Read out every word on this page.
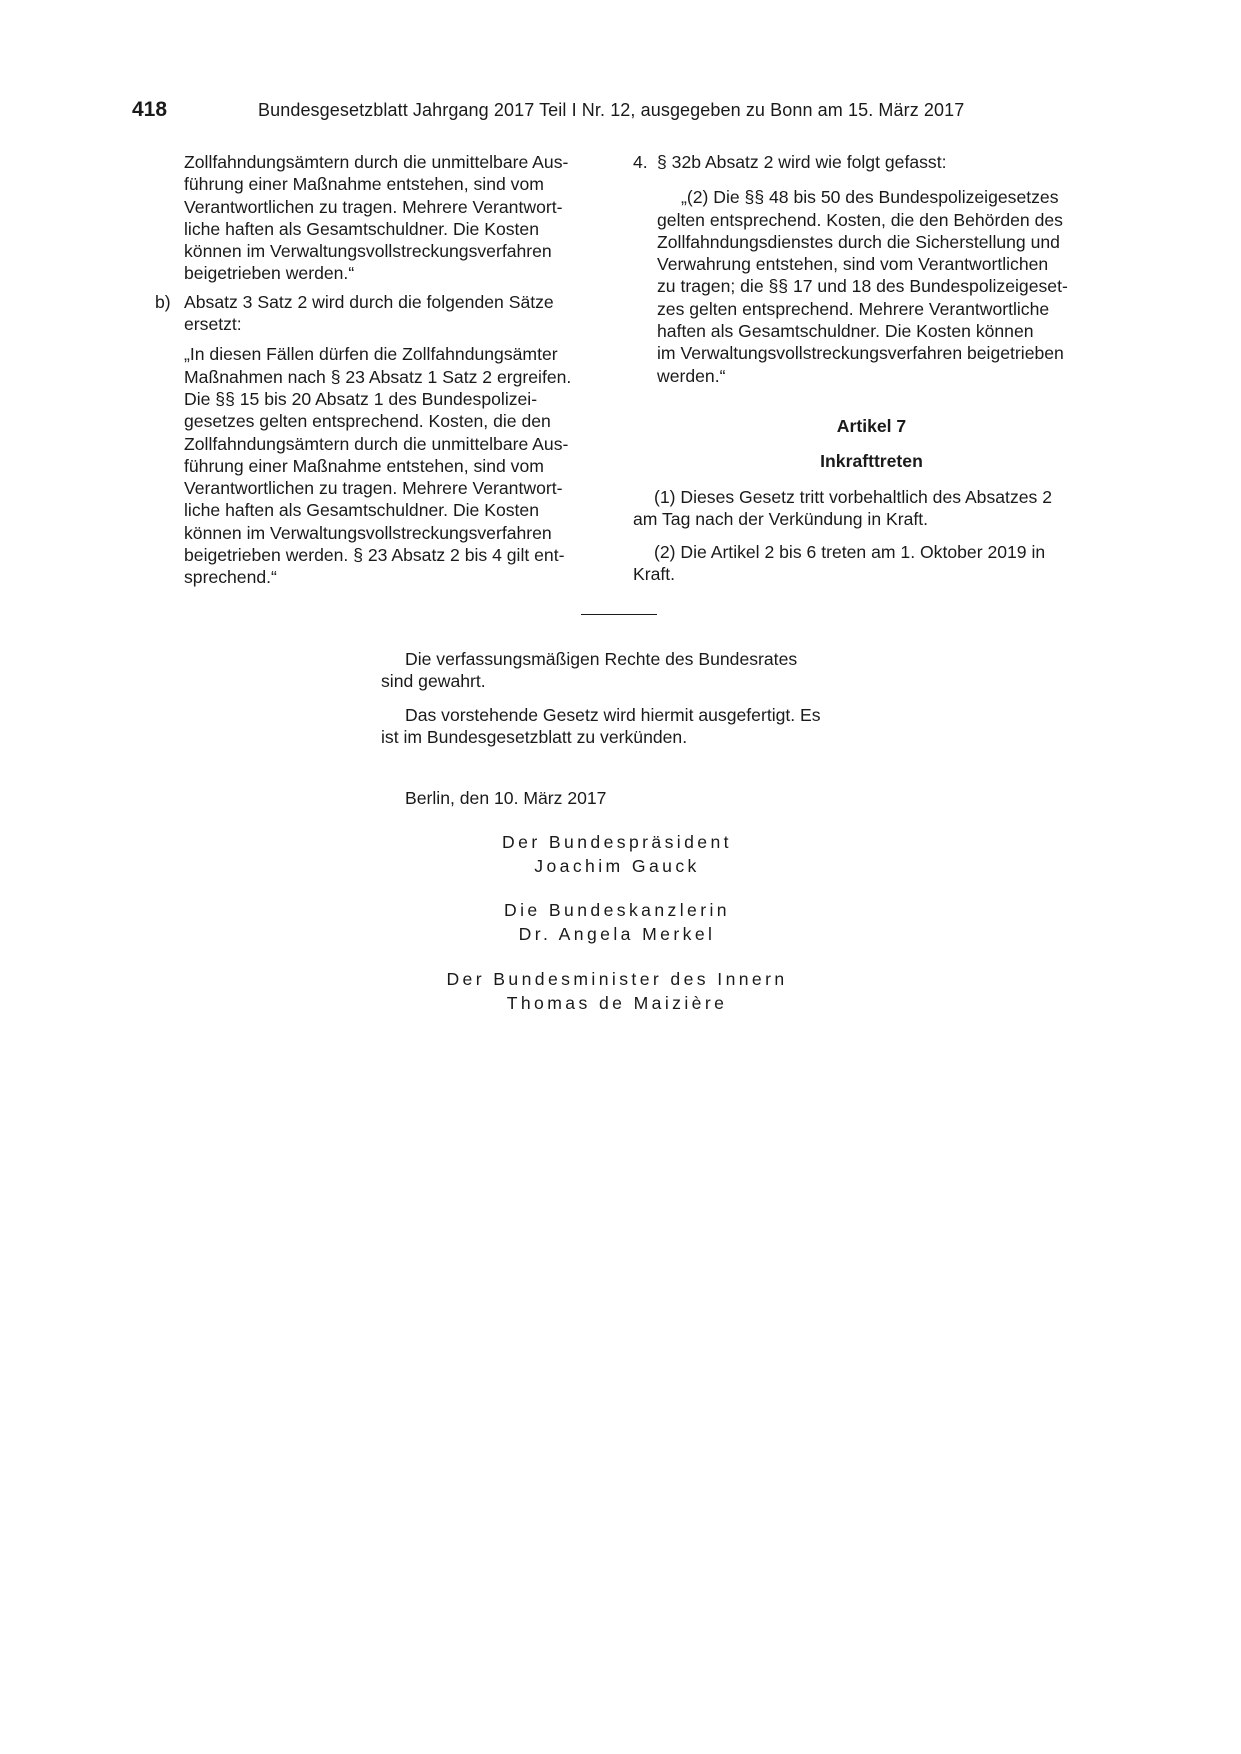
418	Bundesgesetzblatt Jahrgang 2017 Teil I Nr. 12, ausgegeben zu Bonn am 15. März 2017

Zollfahndungsämtern durch die unmittelbare Aus-

führung einer Maßnahme entstehen, sind vom

Verantwortlichen zu tragen. Mehrere Verantwort-

liche haften als Gesamtschuldner. Die Kosten

können im Verwaltungsvollstreckungsverfahren

beigetrieben werden.“

b) Absatz 3 Satz 2 wird durch die folgenden Sätze

ersetzt:

„In diesen Fällen dürfen die Zollfahndungsämter

Maßnahmen nach § 23 Absatz 1 Satz 2 ergreifen.

Die §§ 15 bis 20 Absatz 1 des Bundespolizei-

gesetzes gelten entsprechend. Kosten, die den

Zollfahndungsämtern durch die unmittelbare Aus-

führung einer Maßnahme entstehen, sind vom

Verantwortlichen zu tragen. Mehrere Verantwort-

liche haften als Gesamtschuldner. Die Kosten

können im Verwaltungsvollstreckungsverfahren

beigetrieben werden. § 23 Absatz 2 bis 4 gilt ent-

sprechend.“

4. § 32b Absatz 2 wird wie folgt gefasst:

„(2) Die §§ 48 bis 50 des Bundespolizeigesetzes

gelten entsprechend. Kosten, die den Behörden des

Zollfahndungsdienstes durch die Sicherstellung und

Verwahrung entstehen, sind vom Verantwortlichen

zu tragen; die §§ 17 und 18 des Bundespolizeigeset-

zes gelten entsprechend. Mehrere Verantwortliche

haften als Gesamtschuldner. Die Kosten können

im Verwaltungsvollstreckungsverfahren beigetrieben

werden.“

Artikel 7

Inkrafttreten

(1) Dieses Gesetz tritt vorbehaltlich des Absatzes 2

am Tag nach der Verkündung in Kraft.

(2) Die Artikel 2 bis 6 treten am 1. Oktober 2019 in

Kraft.

Die verfassungsmäßigen Rechte des Bundesrates

sind gewahrt.

Das vorstehende Gesetz wird hiermit ausgefertigt. Es

ist im Bundesgesetzblatt zu verkünden.

Berlin, den 10. März 2017
Der Bundespräsident
Joachim Gauck
Die Bundeskanzlerin
Dr. Angela Merkel
Der Bundesminister des Innern
Thomas de Maizière
